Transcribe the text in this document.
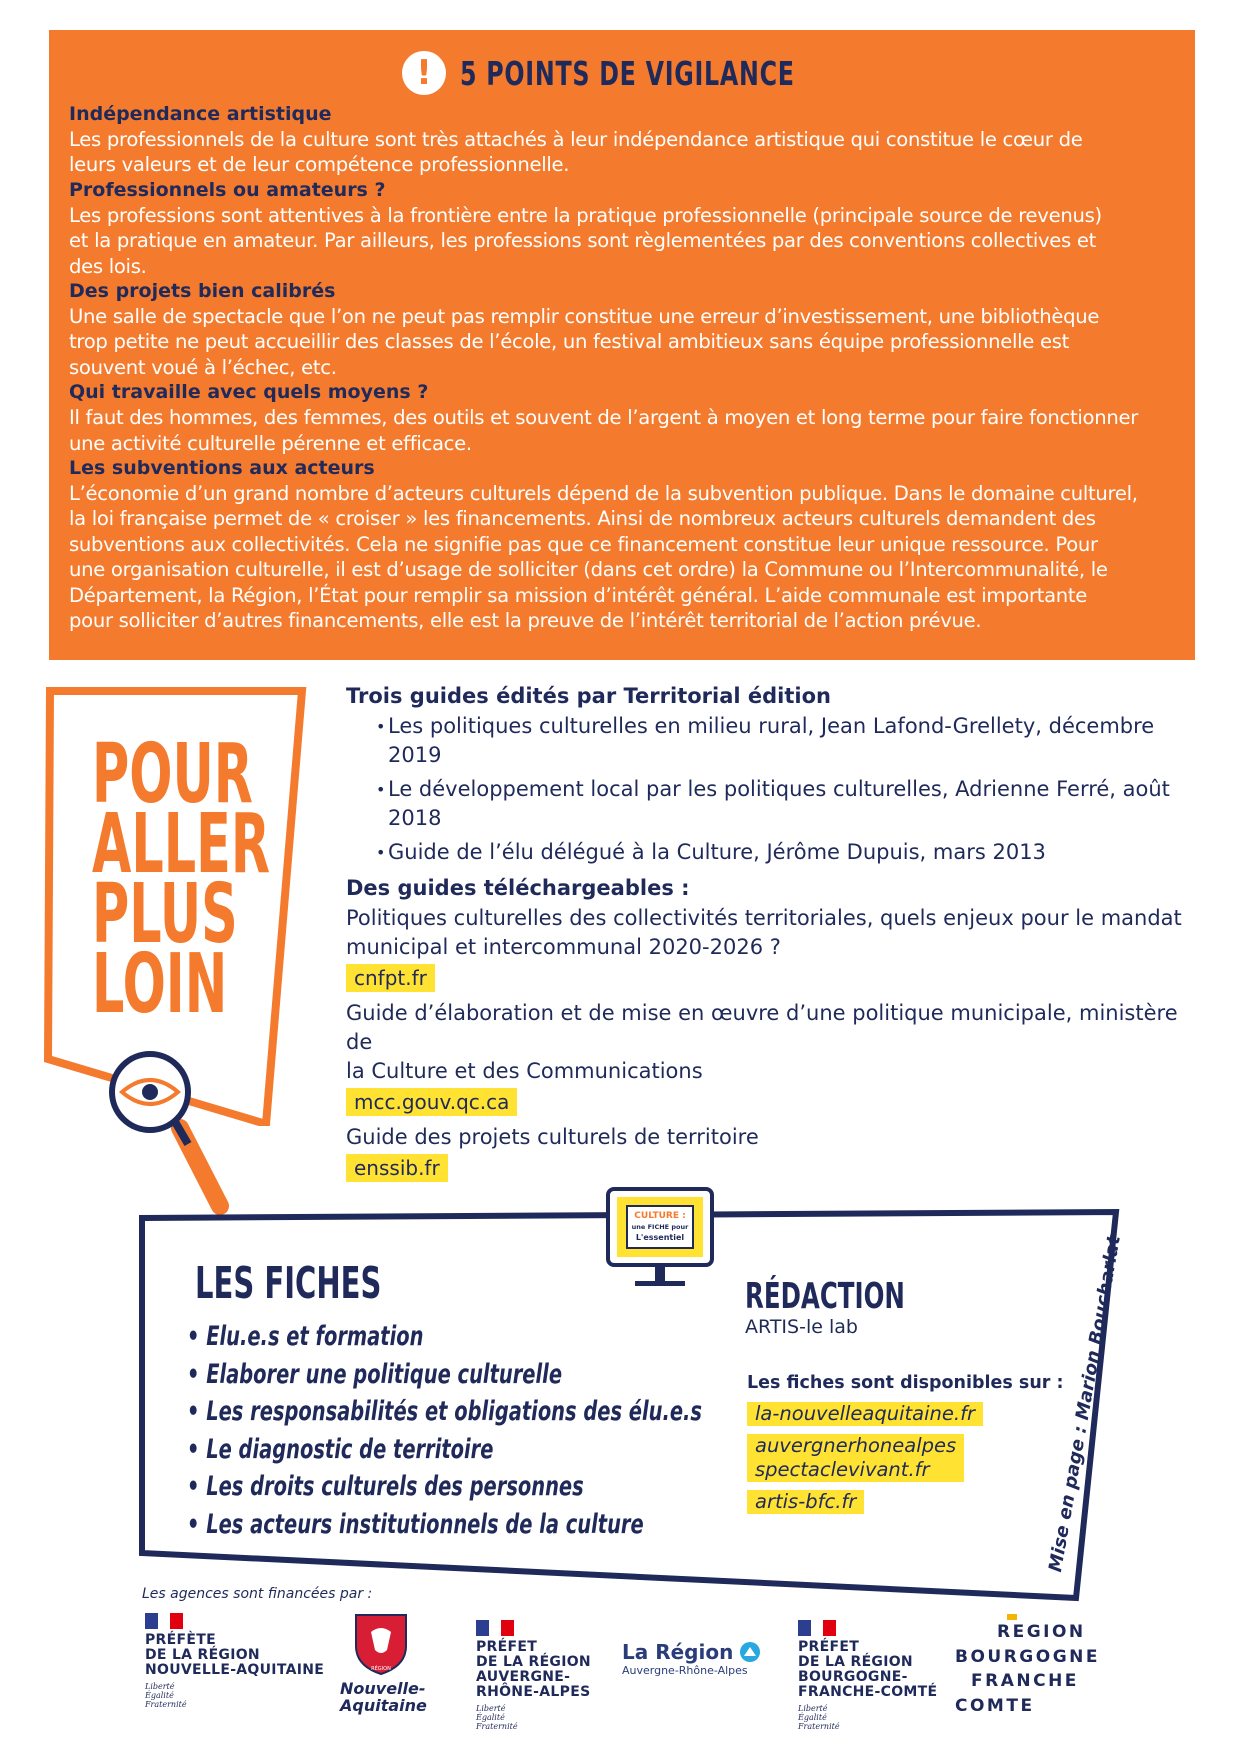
! 5 POINTS DE VIGILANCE
Indépendance artistique

Les professionnels de la culture sont très attachés à leur indépendance artistique qui constitue le cœur de
leurs valeurs et de leur compétence professionnelle.

Professionnels ou amateurs ?

Les professions sont attentives à la frontière entre la pratique professionnelle (principale source de revenus)
et la pratique en amateur. Par ailleurs, les professions sont règlementées par des conventions collectives et
des lois.

Des projets bien calibrés

Une salle de spectacle que l’on ne peut pas remplir constitue une erreur d’investissement, une bibliothèque
trop petite ne peut accueillir des classes de l’école, un festival ambitieux sans équipe professionnelle est
souvent voué à l’échec, etc.

Qui travaille avec quels moyens ?

Il faut des hommes, des femmes, des outils et souvent de l’argent à moyen et long terme pour faire fonctionner
une activité culturelle pérenne et efficace.

Les subventions aux acteurs

L’économie d’un grand nombre d’acteurs culturels dépend de la subvention publique. Dans le domaine culturel,
la loi française permet de « croiser » les financements. Ainsi de nombreux acteurs culturels demandent des
subventions aux collectivités. Cela ne signifie pas que ce financement constitue leur unique ressource. Pour
une organisation culturelle, il est d’usage de solliciter (dans cet ordre) la Commune ou l’Intercommunalité, le
Département, la Région, l’État pour remplir sa mission d’intérêt général. L’aide communale est importante
pour solliciter d’autres financements, elle est la preuve de l’intérêt territorial de l’action prévue.

POUR
ALLER
PLUS
LOIN
Trois guides édités par Territorial édition
• Les politiques culturelles en milieu rural, Jean Lafond-Grellety, décembre 2019
• Le développement local par les politiques culturelles, Adrienne Ferré, août
2018
• Guide de l’élu délégué à la Culture, Jérôme Dupuis, mars 2013
Des guides téléchargeables :

Politiques culturelles des collectivités territoriales, quels enjeux pour le mandat
municipal et intercommunal 2020-2026 ?

cnfpt.fr

Guide d’élaboration et de mise en œuvre d’une politique municipale, ministère de
la Culture et des Communications

mcc.gouv.qc.ca

Guide des projets culturels de territoire

enssib.fr
CULTURE :
une FICHE pour
L'essentiel
LES FICHES
• Elu.e.s et formation
• Elaborer une politique culturelle
• Les responsabilités et obligations des élu.e.s
• Le diagnostic de territoire
• Les droits culturels des personnes
• Les acteurs institutionnels de la culture
RÉDACTION
ARTIS-le lab
Les fiches sont disponibles sur :
la-nouvelleaquitaine.fr
auvergnerhonealpes
spectaclevivant.fr
artis-bfc.fr	Mise en page : Marion Boucharlat
Les agences sont financées par :
PRÉFÈTE
DE LA RÉGION
NOUVELLE-AQUITAINE
Liberté
Égalité
Fraternité
RÉGION
Nouvelle-
Aquitaine
PRÉFET
DE LA RÉGION
AUVERGNE-
RHÔNE-ALPES
Liberté
Égalité
Fraternité
La Région
Auvergne-Rhône-Alpes
PRÉFET
DE LA RÉGION
BOURGOGNE-
FRANCHE-COMTÉ
Liberté
Égalité
Fraternité
REGION
BOURGOGNE
FRANCHE
COMTE
